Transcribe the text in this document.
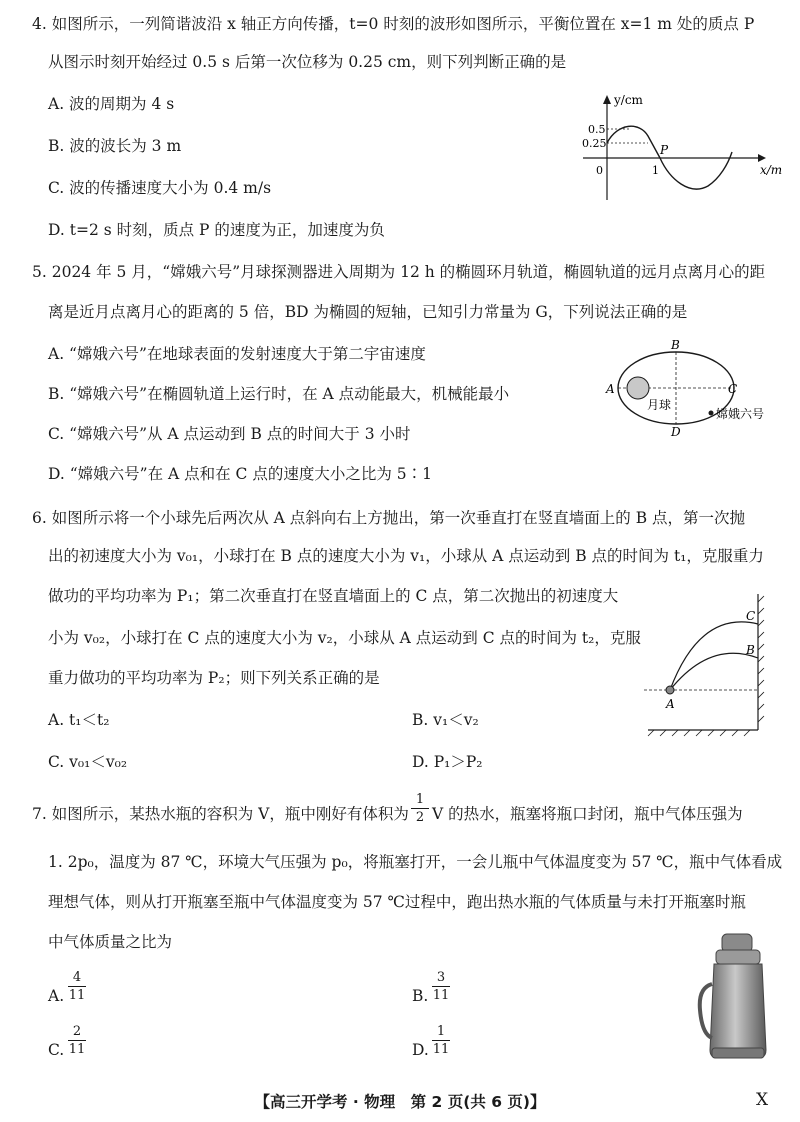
4. 如图所示，一列简谐波沿 x 轴正方向传播，t=0 时刻的波形如图所示，平衡位置在 x=1 m 处的质点 P
从图示时刻开始经过 0.5 s 后第一次位移为 0.25 cm，则下列判断正确的是
A. 波的周期为 4 s
B. 波的波长为 3 m
C. 波的传播速度大小为 0.4 m/s
D. t=2 s 时刻，质点 P 的速度为正，加速度为负
y/cm
x/m
0.5
0.25
0	1
P
5. 2024 年 5 月，“嫦娥六号”月球探测器进入周期为 12 h 的椭圆环月轨道，椭圆轨道的远月点离月心的距
离是近月点离月心的距离的 5 倍，BD 为椭圆的短轴，已知引力常量为 G，下列说法正确的是
A. “嫦娥六号”在地球表面的发射速度大于第二宇宙速度
B. “嫦娥六号”在椭圆轨道上运行时，在 A 点动能最大，机械能最小
C. “嫦娥六号”从 A 点运动到 B 点的时间大于 3 小时
D. “嫦娥六号”在 A 点和在 C 点的速度大小之比为 5∶1
A
B
C
D
月球
嫦娥六号
6. 如图所示将一个小球先后两次从 A 点斜向右上方抛出，第一次垂直打在竖直墙面上的 B 点，第一次抛
出的初速度大小为 v₀₁，小球打在 B 点的速度大小为 v₁，小球从 A 点运动到 B 点的时间为 t₁，克服重力
做功的平均功率为 P₁；第二次垂直打在竖直墙面上的 C 点，第二次抛出的初速度大
小为 v₀₂，小球打在 C 点的速度大小为 v₂，小球从 A 点运动到 C 点的时间为 t₂，克服
重力做功的平均功率为 P₂；则下列关系正确的是
A. t₁＜t₂	B. v₁＜v₂
C. v₀₁＜v₀₂	D. P₁＞P₂
A
B
C
7. 如图所示，某热水瓶的容积为 V，瓶中刚好有体积为
1
2 V 的热水，瓶塞将瓶口封闭，瓶中气体压强为
1. 2p₀，温度为 87 ℃，环境大气压强为 p₀，将瓶塞打开，一会儿瓶中气体温度变为 57 ℃，瓶中气体看成
理想气体，则从打开瓶塞至瓶中气体温度变为 57 ℃过程中，跑出热水瓶的气体质量与未打开瓶塞时瓶
中气体质量之比为
A.
4
11	B.
3
11
C.
2
11	D.
1
11
【高三开学考 · 物理　第 2 页(共 6 页)】	X
